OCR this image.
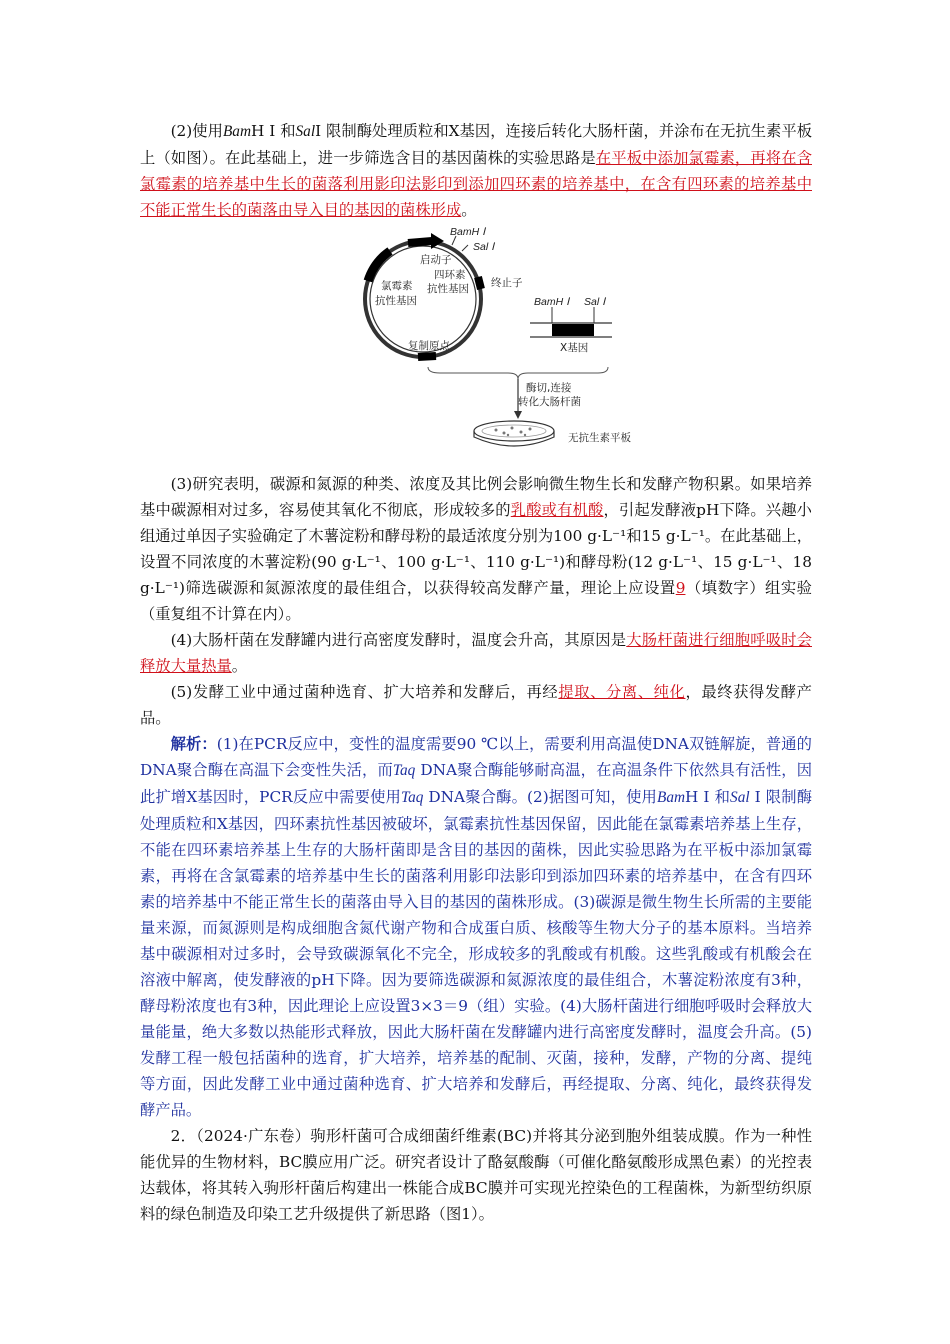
(2)使用BamH Ⅰ 和SalⅠ 限制酶处理质粒和X基因，连接后转化大肠杆菌，并涂布在无抗生素平板上（如图）。在此基础上，进一步筛选含目的基因菌株的实验思路是在平板中添加氯霉素，再将在含氯霉素的培养基中生长的菌落利用影印法影印到添加四环素的培养基中，在含有四环素的培养基中不能正常生长的菌落由导入目的基因的菌株形成。

BamH Ⅰ
Sal Ⅰ
启动子
四环素
抗性基因
氯霉素
抗性基因
终止子
复制原点
BamH Ⅰ Sal Ⅰ
X基因
酶切,连接
转化大肠杆菌
无抗生素平板

(3)研究表明，碳源和氮源的种类、浓度及其比例会影响微生物生长和发酵产物积累。如果培养基中碳源相对过多，容易使其氧化不彻底，形成较多的乳酸或有机酸，引起发酵液pH下降。兴趣小组通过单因子实验确定了木薯淀粉和酵母粉的最适浓度分别为100 g·L⁻¹和15 g·L⁻¹。在此基础上，设置不同浓度的木薯淀粉(90 g·L⁻¹、100 g·L⁻¹、110 g·L⁻¹)和酵母粉(12 g·L⁻¹、15 g·L⁻¹、18 g·L⁻¹)筛选碳源和氮源浓度的最佳组合，以获得较高发酵产量，理论上应设置9（填数字）组实验（重复组不计算在内）。

(4)大肠杆菌在发酵罐内进行高密度发酵时，温度会升高，其原因是大肠杆菌进行细胞呼吸时会释放大量热量。

(5)发酵工业中通过菌种选育、扩大培养和发酵后，再经提取、分离、纯化，最终获得发酵产品。

解析：(1)在PCR反应中，变性的温度需要90 ℃以上，需要利用高温使DNA双链解旋，普通的DNA聚合酶在高温下会变性失活，而Taq DNA聚合酶能够耐高温，在高温条件下依然具有活性，因此扩增X基因时，PCR反应中需要使用Taq DNA聚合酶。(2)据图可知，使用BamH Ⅰ 和Sal Ⅰ 限制酶处理质粒和X基因，四环素抗性基因被破坏，氯霉素抗性基因保留，因此能在氯霉素培养基上生存，不能在四环素培养基上生存的大肠杆菌即是含目的基因的菌株，因此实验思路为在平板中添加氯霉素，再将在含氯霉素的培养基中生长的菌落利用影印法影印到添加四环素的培养基中，在含有四环素的培养基中不能正常生长的菌落由导入目的基因的菌株形成。(3)碳源是微生物生长所需的主要能量来源，而氮源则是构成细胞含氮代谢产物和合成蛋白质、核酸等生物大分子的基本原料。当培养基中碳源相对过多时，会导致碳源氧化不完全，形成较多的乳酸或有机酸。这些乳酸或有机酸会在溶液中解离，使发酵液的pH下降。因为要筛选碳源和氮源浓度的最佳组合，木薯淀粉浓度有3种，酵母粉浓度也有3种，因此理论上应设置3×3＝9（组）实验。(4)大肠杆菌进行细胞呼吸时会释放大量能量，绝大多数以热能形式释放，因此大肠杆菌在发酵罐内进行高密度发酵时，温度会升高。(5)发酵工程一般包括菌种的选育，扩大培养，培养基的配制、灭菌，接种，发酵，产物的分离、提纯等方面，因此发酵工业中通过菌种选育、扩大培养和发酵后，再经提取、分离、纯化，最终获得发酵产品。

2．（2024·广东卷）驹形杆菌可合成细菌纤维素(BC)并将其分泌到胞外组装成膜。作为一种性能优异的生物材料，BC膜应用广泛。研究者设计了酪氨酸酶（可催化酪氨酸形成黑色素）的光控表达载体，将其转入驹形杆菌后构建出一株能合成BC膜并可实现光控染色的工程菌株，为新型纺织原料的绿色制造及印染工艺升级提供了新思路（图1）。
